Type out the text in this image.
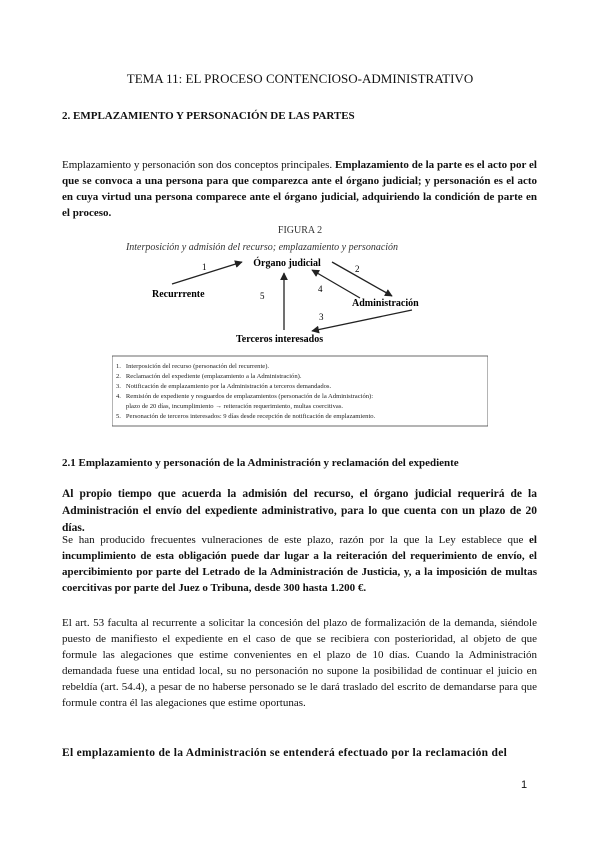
TEMA 11: EL PROCESO CONTENCIOSO-ADMINISTRATIVO
2. EMPLAZAMIENTO Y PERSONACIÓN DE LAS PARTES
Emplazamiento y personación son dos conceptos principales. Emplazamiento de la parte es el acto por el que se convoca a una persona para que comparezca ante el órgano judicial; y personación es el acto en cuya virtud una persona comparece ante el órgano judicial, adquiriendo la condición de parte en el proceso.
FIGURA 2
Interposición y admisión del recurso; emplazamiento y personación
Órgano judicial
Recurrrente
Administración
Terceros interesados
1	2
3
4
5
1.   Interposición del recurso (personación del recurrente).
2.   Reclamación del expediente (emplazamiento a la Administración).
3.   Notificación de emplazamiento por la Administración a terceros demandados.
4.   Remisión de expediente y resguardos de emplazamientos (personación de la Administración):
plazo de 20 días, incumplimiento → reiteración requerimiento, multas coercitivas.
5.   Personación de terceros interesados: 9 días desde recepción de notificación de emplazamiento.
2.1 Emplazamiento y personación de la Administración y reclamación del expediente
Al propio tiempo que acuerda la admisión del recurso, el órgano judicial requerirá de la Administración el envío del expediente administrativo, para lo que cuenta con un plazo de 20 días.
Se han producido frecuentes vulneraciones de este plazo, razón por la que la Ley establece que el incumplimiento de esta obligación puede dar lugar a la reiteración del requerimiento de envío, el apercibimiento por parte del Letrado de la Administración de Justicia, y, a la imposición de multas coercitivas por parte del Juez o Tribuna, desde 300 hasta 1.200 €.
El art. 53 faculta al recurrente a solicitar la concesión del plazo de formalización de la demanda, siéndole puesto de manifiesto el expediente en el caso de que se recibiera con posterioridad, al objeto de que formule las alegaciones que estime convenientes en el plazo de 10 días. Cuando la Administración demandada fuese una entidad local, su no personación no supone la posibilidad de continuar el juicio en rebeldía (art. 54.4), a pesar de no haberse personado se le dará traslado del escrito de demandarse para que formule contra él las alegaciones que estime oportunas.
El emplazamiento de la Administración se entenderá efectuado por la reclamación del
1
